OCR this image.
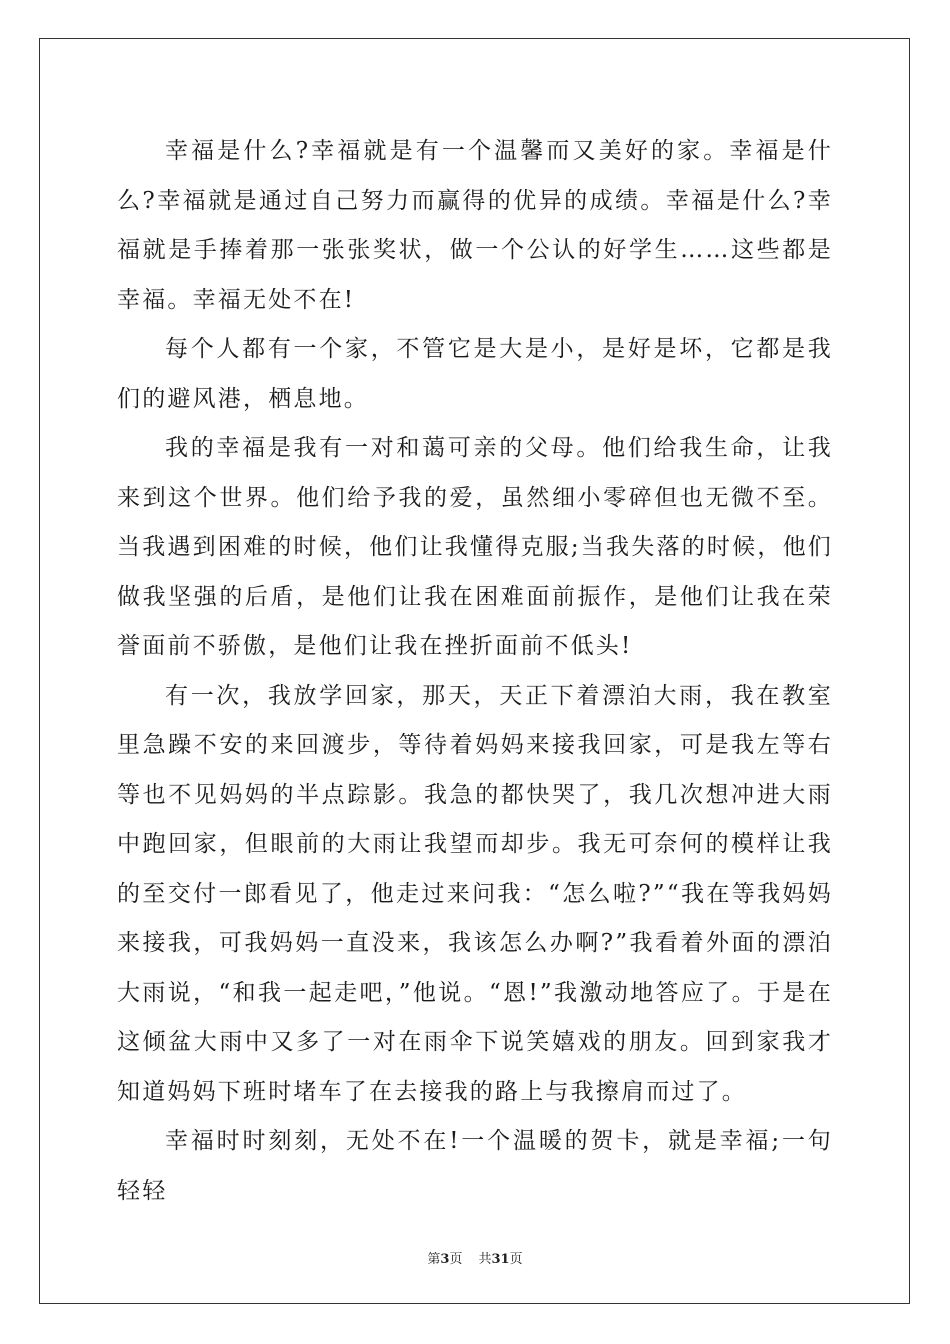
幸福是什么?幸福就是有一个温馨而又美好的家。幸福是什么?幸福就是通过自己努力而赢得的优异的成绩。幸福是什么?幸福就是手捧着那一张张奖状，做一个公认的好学生……这些都是幸福。幸福无处不在!

每个人都有一个家，不管它是大是小，是好是坏，它都是我们的避风港，栖息地。

我的幸福是我有一对和蔼可亲的父母。他们给我生命，让我来到这个世界。他们给予我的爱，虽然细小零碎但也无微不至。当我遇到困难的时候，他们让我懂得克服;当我失落的时候，他们做我坚强的后盾，是他们让我在困难面前振作，是他们让我在荣誉面前不骄傲，是他们让我在挫折面前不低头!

有一次，我放学回家，那天，天正下着漂泊大雨，我在教室里急躁不安的来回渡步，等待着妈妈来接我回家，可是我左等右等也不见妈妈的半点踪影。我急的都快哭了，我几次想冲进大雨中跑回家，但眼前的大雨让我望而却步。我无可奈何的模样让我的至交付一郎看见了，他走过来问我：“怎么啦?”“我在等我妈妈来接我，可我妈妈一直没来，我该怎么办啊?”我看着外面的漂泊大雨说，“和我一起走吧，”他说。“恩!”我激动地答应了。于是在这倾盆大雨中又多了一对在雨伞下说笑嬉戏的朋友。回到家我才知道妈妈下班时堵车了在去接我的路上与我擦肩而过了。

幸福时时刻刻，无处不在!一个温暖的贺卡，就是幸福;一句轻轻

第3页 共31页
